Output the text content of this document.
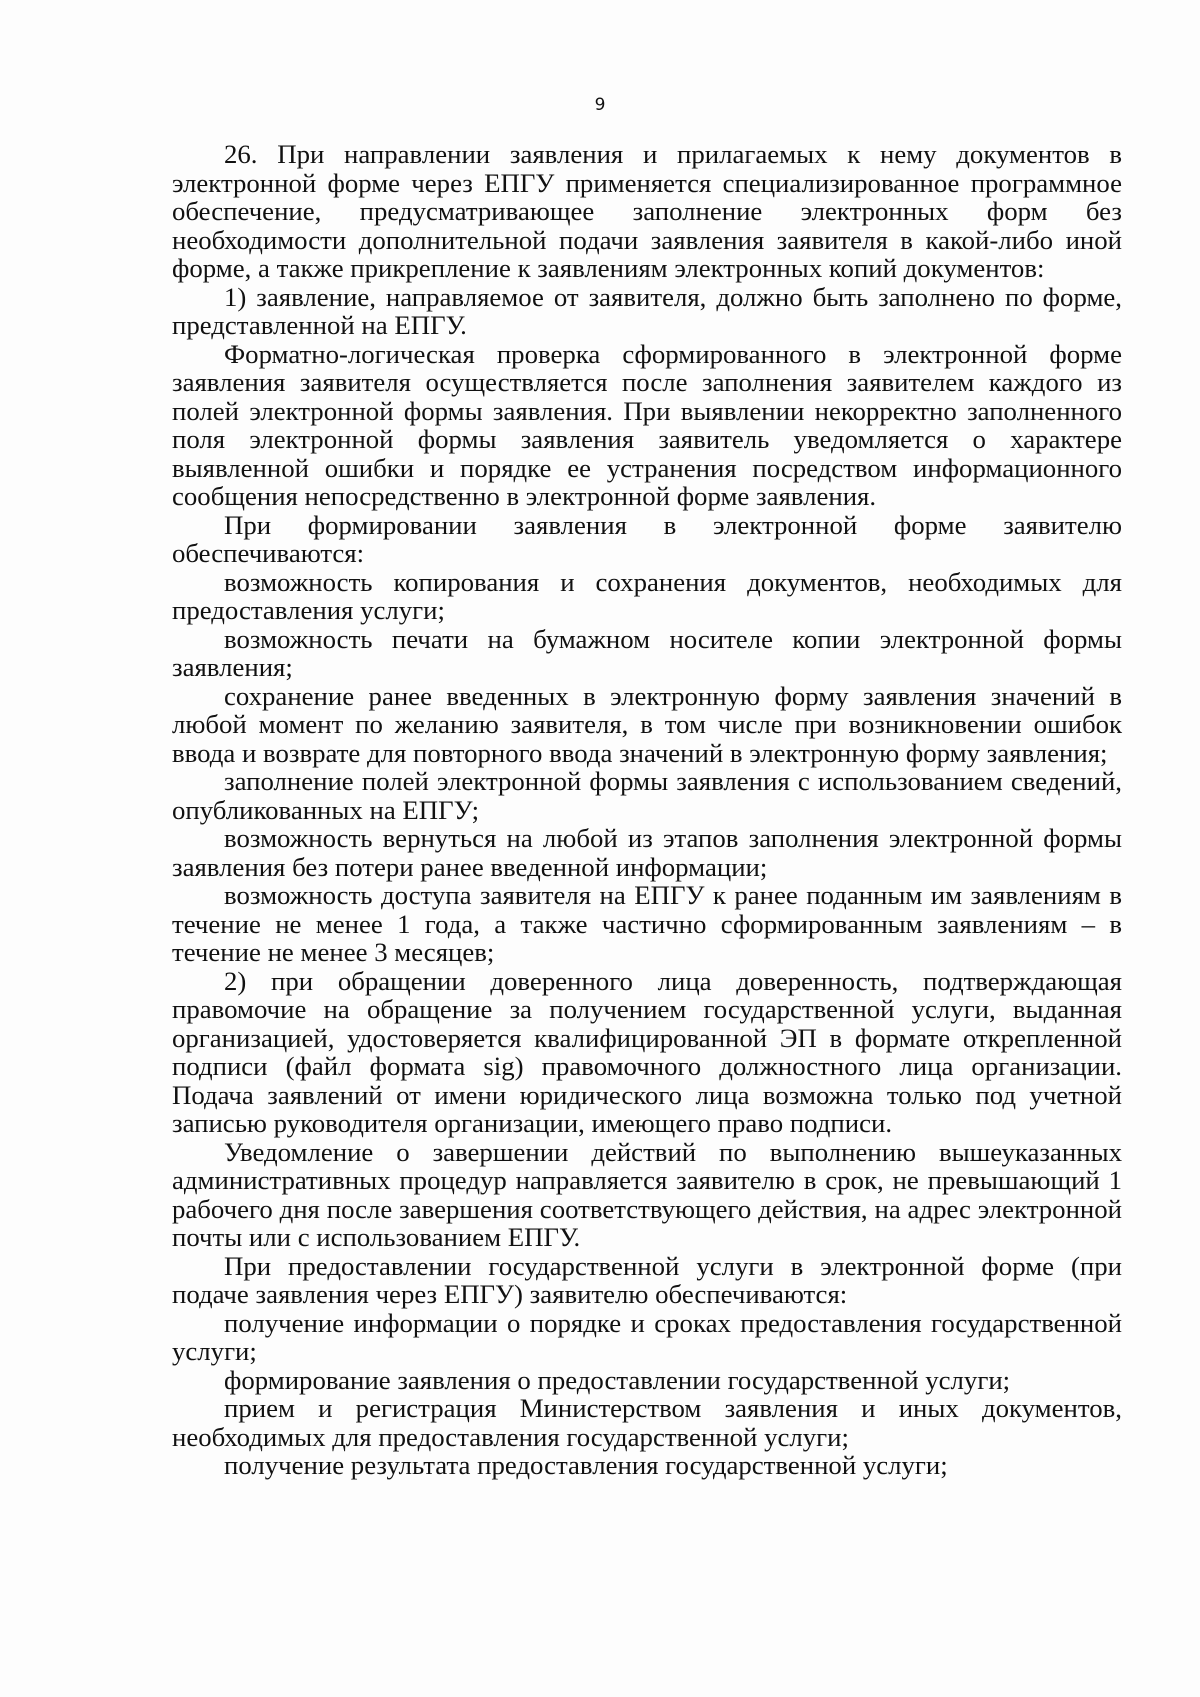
9

26. При направлении заявления и прилагаемых к нему документов в электронной форме через ЕПГУ применяется специализированное программное обеспечение, предусматривающее заполнение электронных форм без необходимости дополнительной подачи заявления заявителя в какой-либо иной форме, а также прикрепление к заявлениям электронных копий документов:

1) заявление, направляемое от заявителя, должно быть заполнено по форме, представленной на ЕПГУ.

Форматно-логическая проверка сформированного в электронной форме заявления заявителя осуществляется после заполнения заявителем каждого из полей электронной формы заявления. При выявлении некорректно заполненного поля электронной формы заявления заявитель уведомляется о характере выявленной ошибки и порядке ее устранения посредством информационного сообщения непосредственно в электронной форме заявления.

При формировании заявления в электронной форме заявителю обеспечиваются:

возможность копирования и сохранения документов, необходимых для предоставления услуги;

возможность печати на бумажном носителе копии электронной формы заявления;

сохранение ранее введенных в электронную форму заявления значений в любой момент по желанию заявителя, в том числе при возникновении ошибок ввода и возврате для повторного ввода значений в электронную форму заявления;

заполнение полей электронной формы заявления с использованием сведений, опубликованных на ЕПГУ;

возможность вернуться на любой из этапов заполнения электронной формы заявления без потери ранее введенной информации;

возможность доступа заявителя на ЕПГУ к ранее поданным им заявлениям в течение не менее 1 года, а также частично сформированным заявлениям – в течение не менее 3 месяцев;

2) при обращении доверенного лица доверенность, подтверждающая правомочие на обращение за получением государственной услуги, выданная организацией, удостоверяется квалифицированной ЭП в формате открепленной подписи (файл формата sig) правомочного должностного лица организации. Подача заявлений от имени юридического лица возможна только под учетной записью руководителя организации, имеющего право подписи.

Уведомление о завершении действий по выполнению вышеуказанных административных процедур направляется заявителю в срок, не превышающий 1 рабочего дня после завершения соответствующего действия, на адрес электронной почты или с использованием ЕПГУ.

При предоставлении государственной услуги в электронной форме (при подаче заявления через ЕПГУ) заявителю обеспечиваются:

получение информации о порядке и сроках предоставления государственной услуги;

формирование заявления о предоставлении государственной услуги;

прием и регистрация Министерством заявления и иных документов, необходимых для предоставления государственной услуги;

получение результата предоставления государственной услуги;
